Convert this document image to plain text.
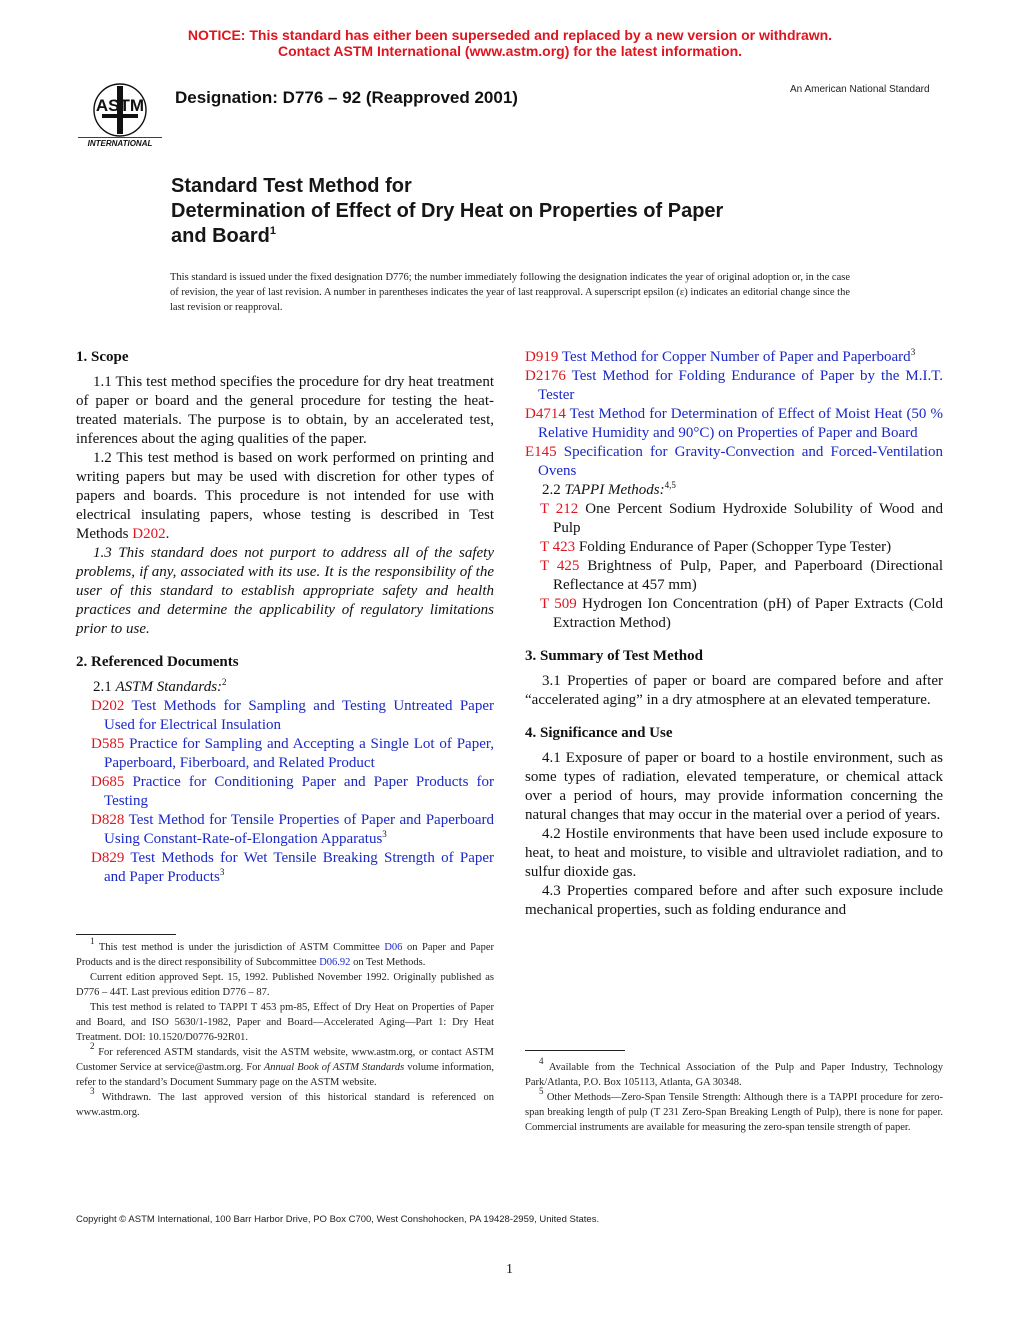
NOTICE: This standard has either been superseded and replaced by a new version or withdrawn.
Contact ASTM International (www.astm.org) for the latest information.
ASTM
INTERNATIONAL
Designation: D776 – 92 (Reapproved 2001)	An American National Standard
Standard Test Method for
Determination of Effect of Dry Heat on Properties of Paper
and Board$^1$
This standard is issued under the fixed designation D776; the number immediately following the designation indicates the year of original adoption or, in the case of revision, the year of last revision. A number in parentheses indicates the year of last reapproval. A superscript epsilon (ε) indicates an editorial change since the last revision or reapproval.
1. Scope

1.1 This test method specifies the procedure for dry heat treatment of paper or board and the general procedure for testing the heat-treated materials. The purpose is to obtain, by an accelerated test, inferences about the aging qualities of the paper.

1.2 This test method is based on work performed on printing and writing papers but may be used with discretion for other types of papers and boards. This procedure is not intended for use with electrical insulating papers, whose testing is described in Test Methods D202.

1.3 This standard does not purport to address all of the safety problems, if any, associated with its use. It is the responsibility of the user of this standard to establish appropriate safety and health practices and determine the applicability of regulatory limitations prior to use.

2. Referenced Documents

2.1 ASTM Standards:$^2$

D202 Test Methods for Sampling and Testing Untreated Paper Used for Electrical Insulation

D585 Practice for Sampling and Accepting a Single Lot of Paper, Paperboard, Fiberboard, and Related Product

D685 Practice for Conditioning Paper and Paper Products for Testing

D828 Test Method for Tensile Properties of Paper and Paperboard Using Constant-Rate-of-Elongation Apparatus$^3$

D829 Test Methods for Wet Tensile Breaking Strength of Paper and Paper Products$^3$

D919 Test Method for Copper Number of Paper and Paperboard$^3$

D2176 Test Method for Folding Endurance of Paper by the M.I.T. Tester

D4714 Test Method for Determination of Effect of Moist Heat (50 % Relative Humidity and 90°C) on Properties of Paper and Board

E145 Specification for Gravity-Convection and Forced-Ventilation Ovens

2.2 TAPPI Methods:$^{4,5}$

T 212 One Percent Sodium Hydroxide Solubility of Wood and Pulp

T 423 Folding Endurance of Paper (Schopper Type Tester)

T 425 Brightness of Pulp, Paper, and Paperboard (Directional Reflectance at 457 mm)

T 509 Hydrogen Ion Concentration (pH) of Paper Extracts (Cold Extraction Method)

3. Summary of Test Method

3.1 Properties of paper or board are compared before and after “accelerated aging” in a dry atmosphere at an elevated temperature.

4. Significance and Use

4.1 Exposure of paper or board to a hostile environment, such as some types of radiation, elevated temperature, or chemical attack over a period of hours, may provide information concerning the natural changes that may occur in the material over a period of years.

4.2 Hostile environments that have been used include exposure to heat, to heat and moisture, to visible and ultraviolet radiation, and to sulfur dioxide gas.

4.3 Properties compared before and after such exposure include mechanical properties, such as folding endurance and

$^1$ This test method is under the jurisdiction of ASTM Committee D06 on Paper and Paper Products and is the direct responsibility of Subcommittee D06.92 on Test Methods.

Current edition approved Sept. 15, 1992. Published November 1992. Originally published as D776 – 44T. Last previous edition D776 – 87.

This test method is related to TAPPI T 453 pm-85, Effect of Dry Heat on Properties of Paper and Board, and ISO 5630/1-1982, Paper and Board—Accelerated Aging—Part 1: Dry Heat Treatment. DOI: 10.1520/D0776-92R01.

$^2$ For referenced ASTM standards, visit the ASTM website, www.astm.org, or contact ASTM Customer Service at service@astm.org. For Annual Book of ASTM Standards volume information, refer to the standard’s Document Summary page on the ASTM website.

$^3$ Withdrawn. The last approved version of this historical standard is referenced on www.astm.org.

$^4$ Available from the Technical Association of the Pulp and Paper Industry, Technology Park/Atlanta, P.O. Box 105113, Atlanta, GA 30348.

$^5$ Other Methods—Zero-Span Tensile Strength: Although there is a TAPPI procedure for zero-span breaking length of pulp (T 231 Zero-Span Breaking Length of Pulp), there is none for paper. Commercial instruments are available for measuring the zero-span tensile strength of paper.

Copyright © ASTM International, 100 Barr Harbor Drive, PO Box C700, West Conshohocken, PA 19428-2959, United States.
1
